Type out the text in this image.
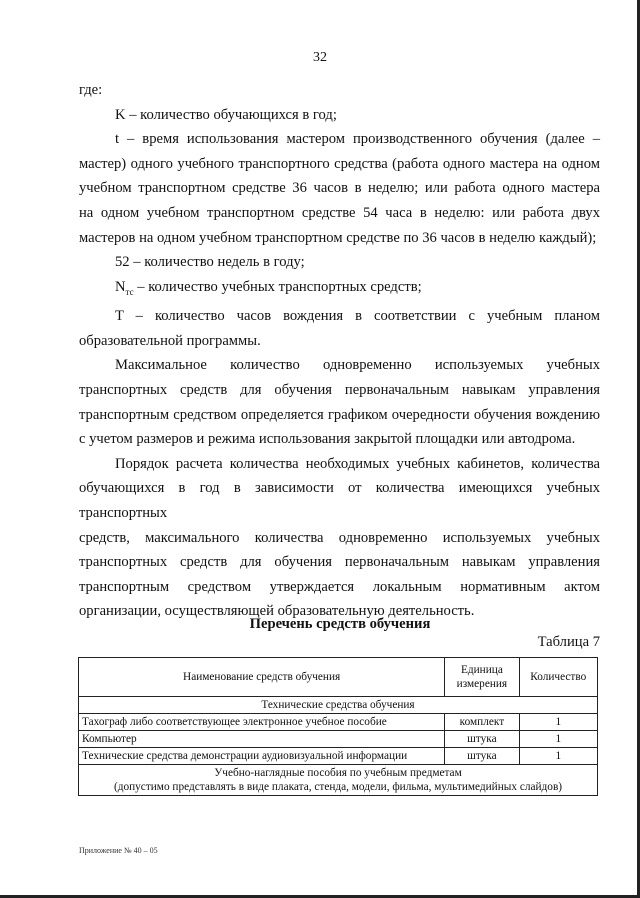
32
где:
K – количество обучающихся в год;
t – время использования мастером производственного обучения (далее –
мастер) одного учебного транспортного средства (работа одного мастера на одном
учебном транспортном средстве 36 часов в неделю; или работа одного мастера
на одном учебном транспортном средстве 54 часа в неделю: или работа двух
мастеров на одном учебном транспортном средстве по 36 часов в неделю каждый);
52 – количество недель в году;
$N_{тс}$ – количество учебных транспортных средств;
T – количество часов вождения в соответствии с учебным планом
образовательной программы.
Максимальное количество одновременно используемых учебных
транспортных средств для обучения первоначальным навыкам управления
транспортным средством определяется графиком очередности обучения вождению
с учетом размеров и режима использования закрытой площадки или автодрома.
Порядок расчета количества необходимых учебных кабинетов, количества
обучающихся в год в зависимости от количества имеющихся учебных транспортных
средств, максимального количества одновременно используемых учебных
транспортных средств для обучения первоначальным навыкам управления
транспортным средством утверждается локальным нормативным актом
организации, осуществляющей образовательную деятельность.
Перечень средств обучения
Таблица 7
Наименование средств обучения	Единица
измерения	Количество
Технические средства обучения		
Тахограф либо соответствующее электронное учебное пособие	комплект	1
Компьютер	штука	1
Технические средства демонстрации аудиовизуальной информации	штука	1
Учебно-наглядные пособия по учебным предметам
(допустимо представлять в виде плаката, стенда, модели, фильма, мультимедийных слайдов)		
Приложение № 40 – 05
